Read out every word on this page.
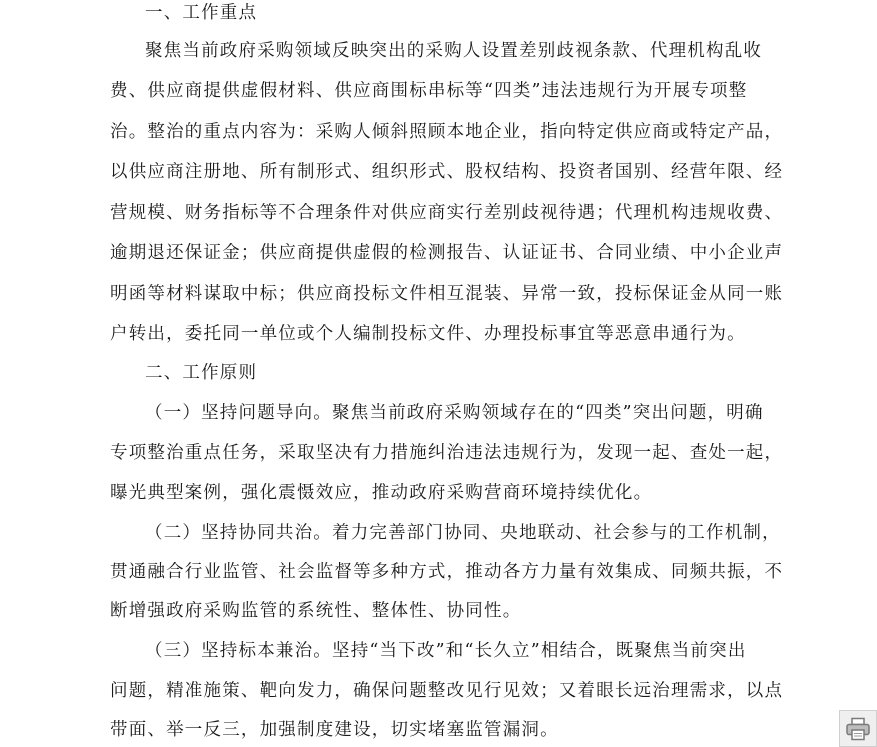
一、工作重点
聚焦当前政府采购领域反映突出的采购人设置差别歧视条款、代理机构乱收
费、供应商提供虚假材料、供应商围标串标等“四类”违法违规行为开展专项整
治。整治的重点内容为：采购人倾斜照顾本地企业，指向特定供应商或特定产品，
以供应商注册地、所有制形式、组织形式、股权结构、投资者国别、经营年限、经
营规模、财务指标等不合理条件对供应商实行差别歧视待遇；代理机构违规收费、
逾期退还保证金；供应商提供虚假的检测报告、认证证书、合同业绩、中小企业声
明函等材料谋取中标；供应商投标文件相互混装、异常一致，投标保证金从同一账
户转出，委托同一单位或个人编制投标文件、办理投标事宜等恶意串通行为。
二、工作原则
（一）坚持问题导向。聚焦当前政府采购领域存在的“四类”突出问题，明确
专项整治重点任务，采取坚决有力措施纠治违法违规行为，发现一起、查处一起，
曝光典型案例，强化震慑效应，推动政府采购营商环境持续优化。
（二）坚持协同共治。着力完善部门协同、央地联动、社会参与的工作机制，
贯通融合行业监管、社会监督等多种方式，推动各方力量有效集成、同频共振，不
断增强政府采购监管的系统性、整体性、协同性。
（三）坚持标本兼治。坚持“当下改”和“长久立”相结合，既聚焦当前突出
问题，精准施策、靶向发力，确保问题整改见行见效；又着眼长远治理需求，以点
带面、举一反三，加强制度建设，切实堵塞监管漏洞。
